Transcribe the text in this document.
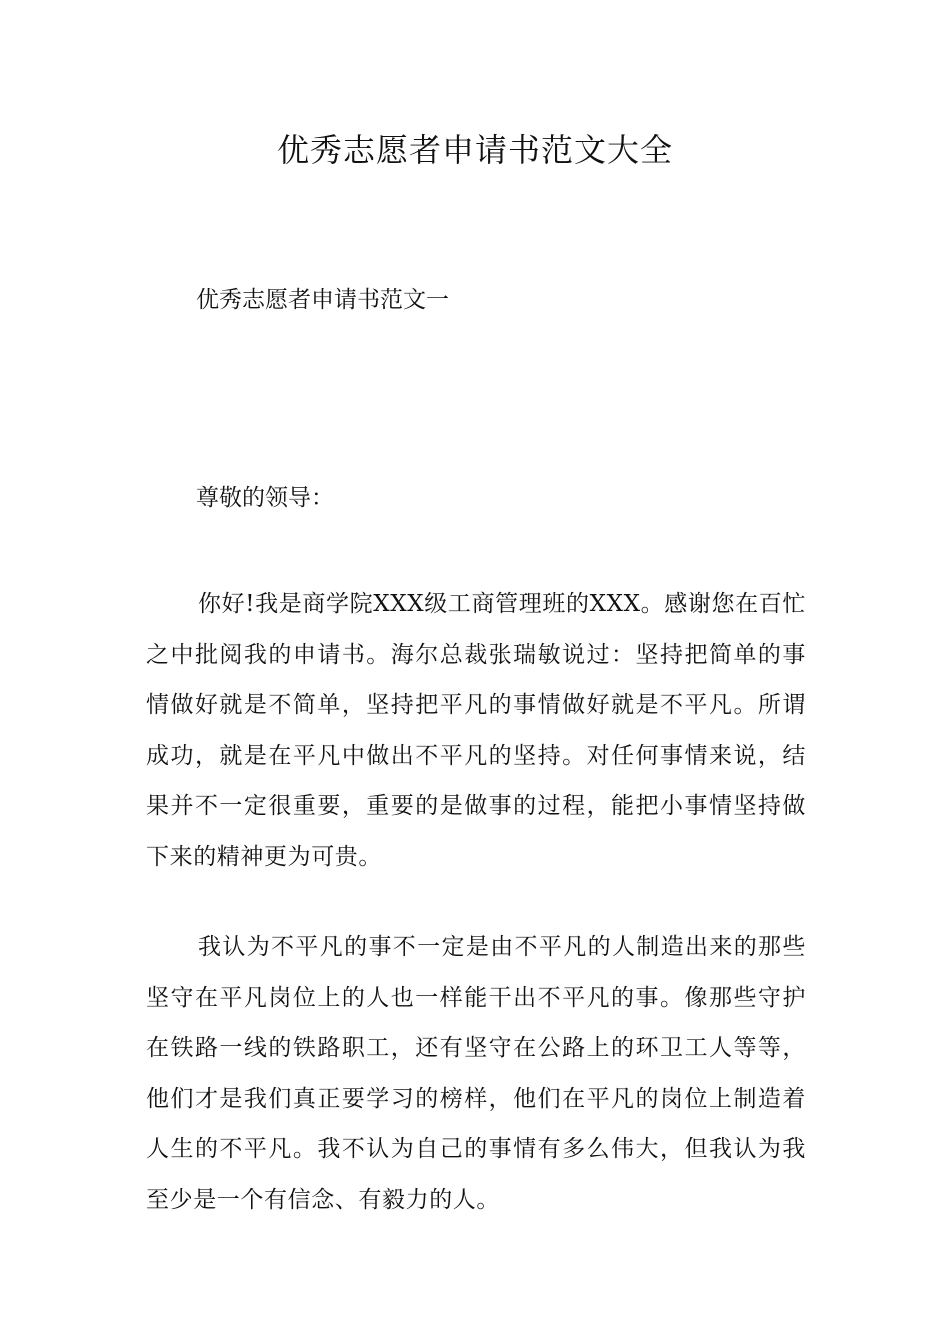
优秀志愿者申请书范文大全

优秀志愿者申请书范文一

尊敬的领导：

你好!我是商学院XXX级工商管理班的XXX。感谢您在百忙之中批阅我的申请书。海尔总裁张瑞敏说过：坚持把简单的事情做好就是不简单，坚持把平凡的事情做好就是不平凡。所谓成功，就是在平凡中做出不平凡的坚持。对任何事情来说，结果并不一定很重要，重要的是做事的过程，能把小事情坚持做下来的精神更为可贵。

我认为不平凡的事不一定是由不平凡的人制造出来的那些坚守在平凡岗位上的人也一样能干出不平凡的事。像那些守护在铁路一线的铁路职工，还有坚守在公路上的环卫工人等等，他们才是我们真正要学习的榜样，他们在平凡的岗位上制造着人生的不平凡。我不认为自己的事情有多么伟大，但我认为我至少是一个有信念、有毅力的人。
